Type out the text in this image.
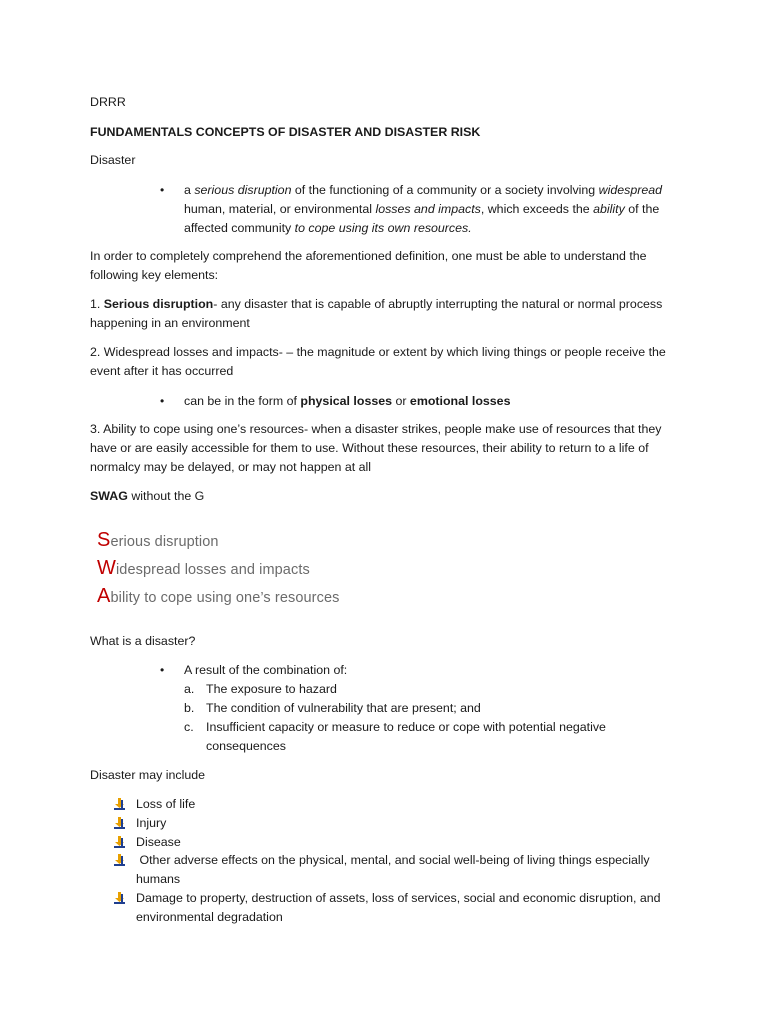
DRRR
FUNDAMENTALS CONCEPTS OF DISASTER AND DISASTER RISK
Disaster
•	a serious disruption of the functioning of a community or a society involving widespread human, material, or environmental losses and impacts, which exceeds the ability of the affected community to cope using its own resources.
In order to completely comprehend the aforementioned definition, one must be able to understand the following key elements:
1. Serious disruption- any disaster that is capable of abruptly interrupting the natural or normal process happening in an environment
2. Widespread losses and impacts- – the magnitude or extent by which living things or people receive the event after it has occurred
•	can be in the form of physical losses or emotional losses
3. Ability to cope using one’s resources- when a disaster strikes, people make use of resources that they have or are easily accessible for them to use. Without these resources, their ability to return to a life of normalcy may be delayed, or may not happen at all
SWAG without the G
Serious disruption
Widespread losses and impacts
Ability to cope using one’s resources
What is a disaster?
•	A result of the combination of:
a. The exposure to hazard
b. The condition of vulnerability that are present; and
c. Insufficient capacity or measure to reduce or cope with potential negative consequences
Disaster may include
Loss of life
Injury
Disease
Other adverse effects on the physical, mental, and social well-being of living things especially humans
Damage to property, destruction of assets, loss of services, social and economic disruption, and environmental degradation
